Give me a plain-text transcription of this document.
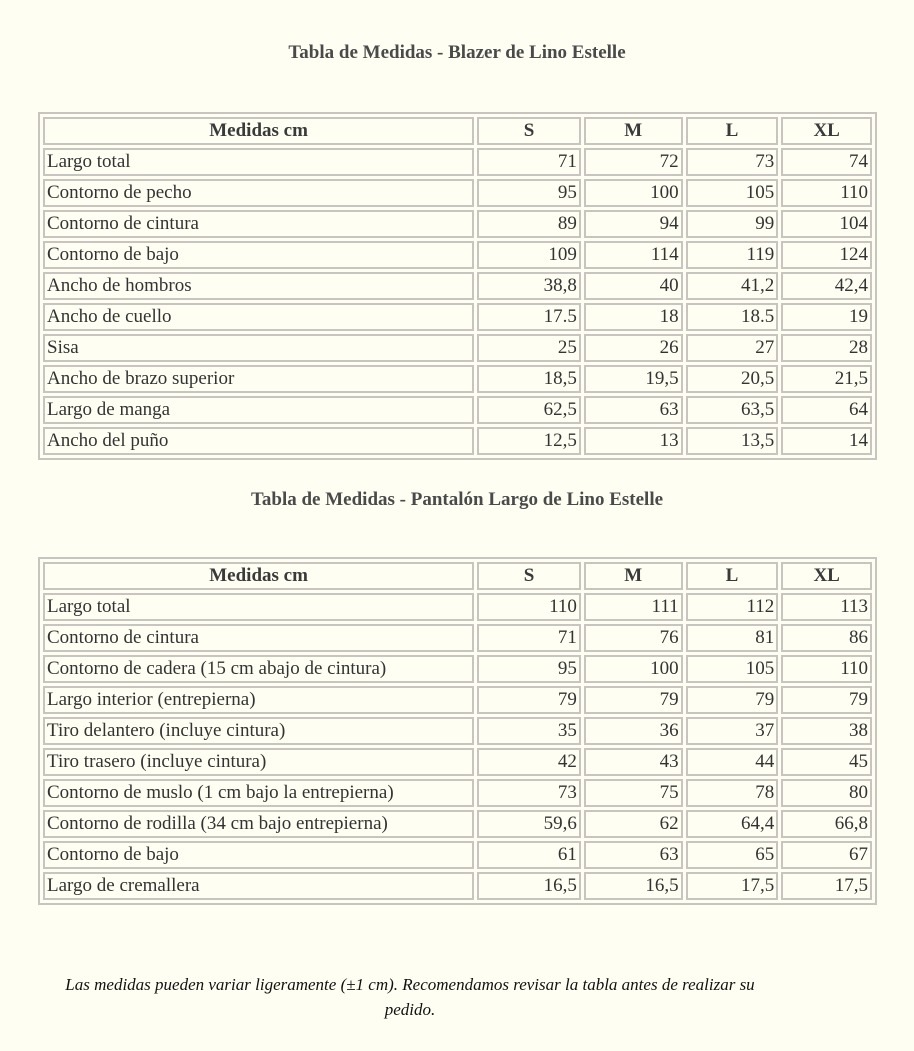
Tabla de Medidas - Blazer de Lino Estelle
Medidas cm	S	M	L	XL
Largo total	71	72	73	74
Contorno de pecho	95	100	105	110
Contorno de cintura	89	94	99	104
Contorno de bajo	109	114	119	124
Ancho de hombros	38,8	40	41,2	42,4
Ancho de cuello	17.5	18	18.5	19
Sisa	25	26	27	28
Ancho de brazo superior	18,5	19,5	20,5	21,5
Largo de manga	62,5	63	63,5	64
Ancho del puño	12,5	13	13,5	14
Tabla de Medidas - Pantalón Largo de Lino Estelle
Medidas cm	S	M	L	XL
Largo total	110	111	112	113
Contorno de cintura	71	76	81	86
Contorno de cadera (15 cm abajo de cintura)	95	100	105	110
Largo interior (entrepierna)	79	79	79	79
Tiro delantero (incluye cintura)	35	36	37	38
Tiro trasero (incluye cintura)	42	43	44	45
Contorno de muslo (1 cm bajo la entrepierna)	73	75	78	80
Contorno de rodilla (34 cm bajo entrepierna)	59,6	62	64,4	66,8
Contorno de bajo	61	63	65	67
Largo de cremallera	16,5	16,5	17,5	17,5

Las medidas pueden variar ligeramente (±1 cm). Recomendamos revisar la tabla antes de realizar su pedido.
